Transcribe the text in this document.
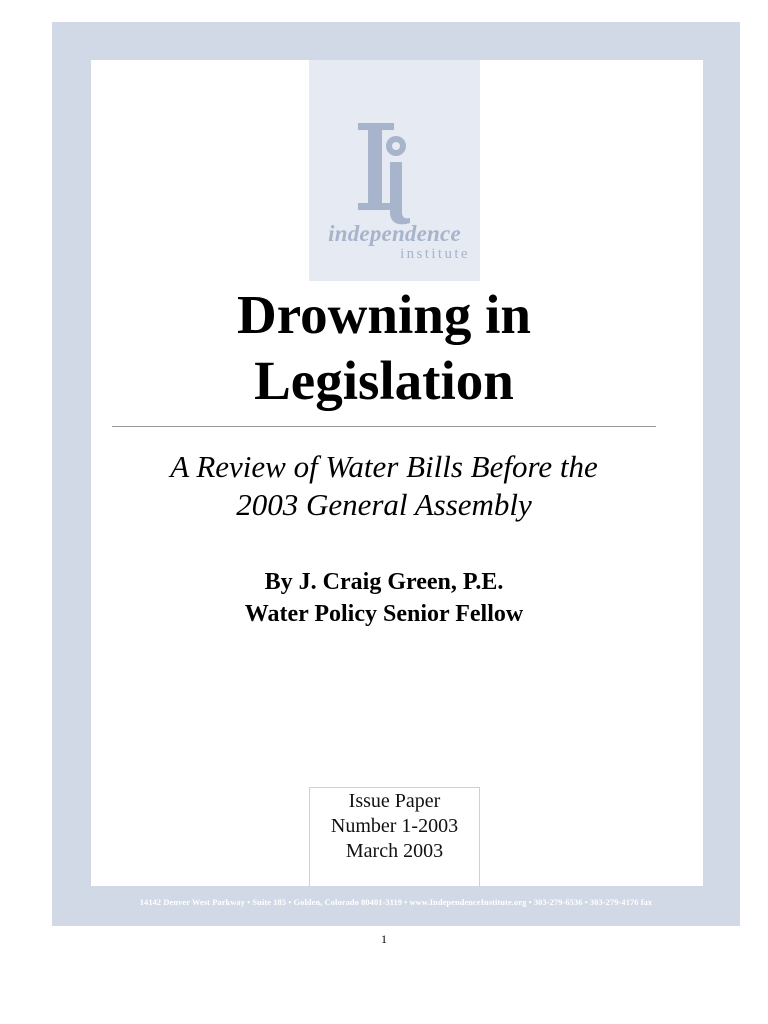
independence
institute
Drowning in
Legislation
A Review of Water Bills Before the
2003 General Assembly
By J. Craig Green, P.E.
Water Policy Senior Fellow
Issue Paper
Number 1-2003
March 2003
14142 Denver West Parkway • Suite 185 • Golden, Colorado 80401-3119 • www.IndependenceInstitute.org • 303-279-6536 • 303-279-4176 fax
1
